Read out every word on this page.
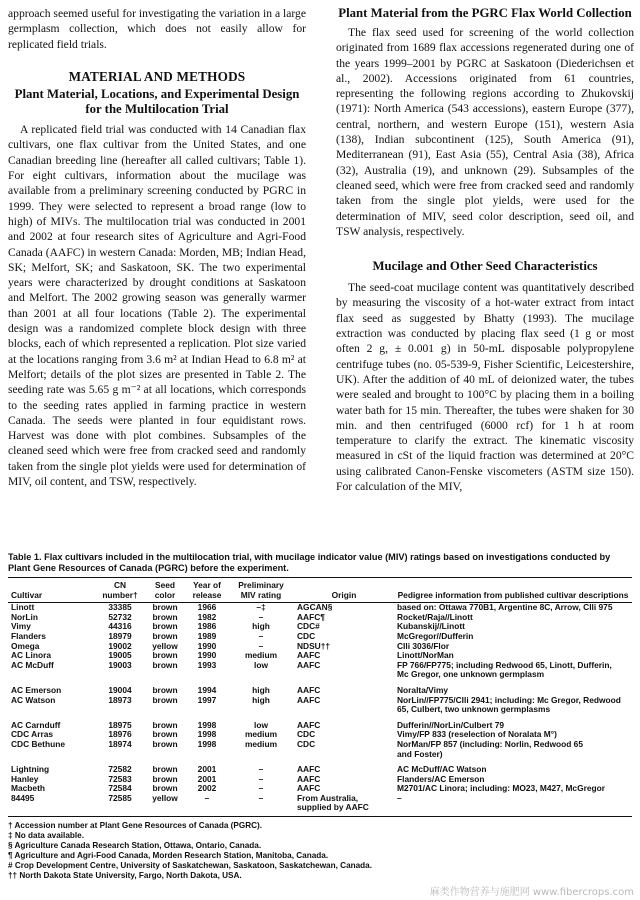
approach seemed useful for investigating the variation in a large germplasm collection, which does not easily allow for replicated field trials.

MATERIAL AND METHODS
Plant Material, Locations, and Experimental Design for the Multilocation Trial

A replicated field trial was conducted with 14 Canadian flax cultivars, one flax cultivar from the United States, and one Canadian breeding line (hereafter all called cultivars; Table 1). For eight cultivars, information about the mucilage was available from a preliminary screening conducted by PGRC in 1999. They were selected to represent a broad range (low to high) of MIVs. The multilocation trial was conducted in 2001 and 2002 at four research sites of Agriculture and Agri-Food Canada (AAFC) in western Canada: Morden, MB; Indian Head, SK; Melfort, SK; and Saskatoon, SK. The two experimental years were characterized by drought conditions at Saskatoon and Melfort. The 2002 growing season was generally warmer than 2001 at all four locations (Table 2). The experimental design was a randomized complete block design with three blocks, each of which represented a replication. Plot size varied at the locations ranging from 3.6 m² at Indian Head to 6.8 m² at Melfort; details of the plot sizes are presented in Table 2. The seeding rate was 5.65 g m⁻² at all locations, which corresponds to the seeding rates applied in farming practice in western Canada. The seeds were planted in four equidistant rows. Harvest was done with plot combines. Subsamples of the cleaned seed which were free from cracked seed and randomly taken from the single plot yields were used for determination of MIV, oil content, and TSW, respectively.

Plant Material from the PGRC Flax World Collection

The flax seed used for screening of the world collection originated from 1689 flax accessions regenerated during one of the years 1999–2001 by PGRC at Saskatoon (Diederichsen et al., 2002). Accessions originated from 61 countries, representing the following regions according to Zhukovskij (1971): North America (543 accessions), eastern Europe (377), central, northern, and western Europe (151), western Asia (138), Indian subcontinent (125), South America (91), Mediterranean (91), East Asia (55), Central Asia (38), Africa (32), Australia (19), and unknown (29). Subsamples of the cleaned seed, which were free from cracked seed and randomly taken from the single plot yields, were used for the determination of MIV, seed color description, seed oil, and TSW analysis, respectively.

Mucilage and Other Seed Characteristics

The seed-coat mucilage content was quantitatively described by measuring the viscosity of a hot-water extract from intact flax seed as suggested by Bhatty (1993). The mucilage extraction was conducted by placing flax seed (1 g or most often 2 g, ± 0.001 g) in 50-mL disposable polypropylene centrifuge tubes (no. 05-539-9, Fisher Scientific, Leicestershire, UK). After the addition of 40 mL of deionized water, the tubes were sealed and brought to 100°C by placing them in a boiling water bath for 15 min. Thereafter, the tubes were shaken for 30 min. and then centrifuged (6000 rcf) for 1 h at room temperature to clarify the extract. The kinematic viscosity measured in cSt of the liquid fraction was determined at 20°C using calibrated Canon-Fenske viscometers (ASTM size 150). For calculation of the MIV,

Table 1. Flax cultivars included in the multilocation trial, with mucilage indicator value (MIV) ratings based on investigations conducted by Plant Gene Resources of Canada (PGRC) before the experiment.

Cultivar	CN number†	Seed color	Year of release	Preliminary MIV rating	Origin	Pedigree information from published cultivar descriptions
Linott	33385	brown	1966	–‡	AGCAN§	based on: Ottawa 770B1, Argentine 8C, Arrow, CIli 975
NorLin	52732	brown	1982	–	AAFC¶	Rocket/Raja//Linott
Vimy	44316	brown	1986	high	CDC#	Kubanskij//Linott
Flanders	18979	brown	1989	–	CDC	McGregor//Dufferin
Omega	19002	yellow	1990	–	NDSU††	CIli 3036/Flor
AC Linora	19005	brown	1990	medium	AAFC	Linott/NorMan
AC McDuff	19003	brown	1993	low	AAFC	FP 766/FP775; including Redwood 65, Linott, Dufferin,
Mc Gregor, one unknown germplasm
AC Emerson	19004	brown	1994	high	AAFC	Noralta/Vimy
AC Watson	18973	brown	1997	high	AAFC	NorLin//FP775/CIli 2941; including: Mc Gregor, Redwood
65, Culbert, two unknown germplasms
AC Carnduff	18975	brown	1998	low	AAFC	Dufferin//NorLin/Culbert 79
CDC Arras	18976	brown	1998	medium	CDC	Vimy/FP 833 (reselection of Noralata M°)
CDC Bethune	18974	brown	1998	medium	CDC	NorMan/FP 857 (including: Norlin, Redwood 65
and Foster)
Lightning	72582	brown	2001	–	AAFC	AC McDuff/AC Watson
Hanley	72583	brown	2001	–	AAFC	Flanders/AC Emerson
Macbeth	72584	brown	2002	–	AAFC	M2701/AC Linora; including: MO23, M427, McGregor
84495	72585	yellow	–	–	From Australia,
supplied by AAFC	–
† Accession number at Plant Gene Resources of Canada (PGRC).
‡ No data available.
§ Agriculture Canada Research Station, Ottawa, Ontario, Canada.
¶ Agriculture and Agri-Food Canada, Morden Research Station, Manitoba, Canada.
# Crop Development Centre, University of Saskatchewan, Saskatoon, Saskatchewan, Canada.
†† North Dakota State University, Fargo, North Dakota, USA.
麻类作物营养与施肥网 www.fibercrops.com
